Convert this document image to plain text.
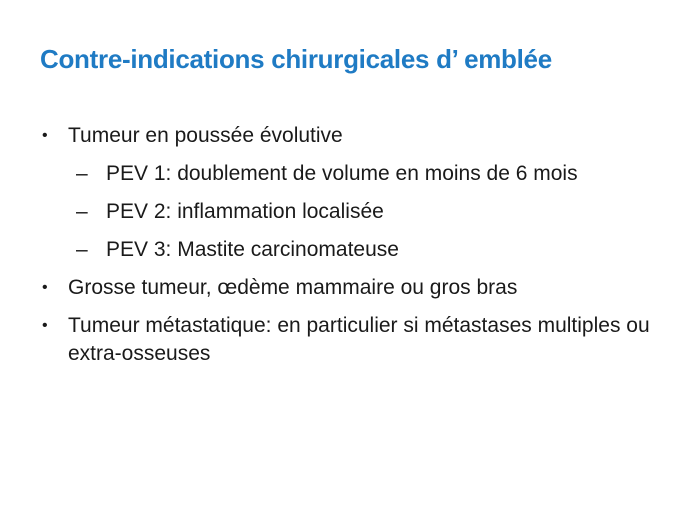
Contre-indications chirurgicales d’ emblée
• Tumeur en poussée évolutive
– PEV 1: doublement de volume en moins de 6 mois
– PEV 2: inflammation localisée
– PEV 3: Mastite carcinomateuse
• Grosse tumeur, œdème mammaire ou gros bras
• Tumeur métastatique: en particulier si métastases multiples ou extra-osseuses
